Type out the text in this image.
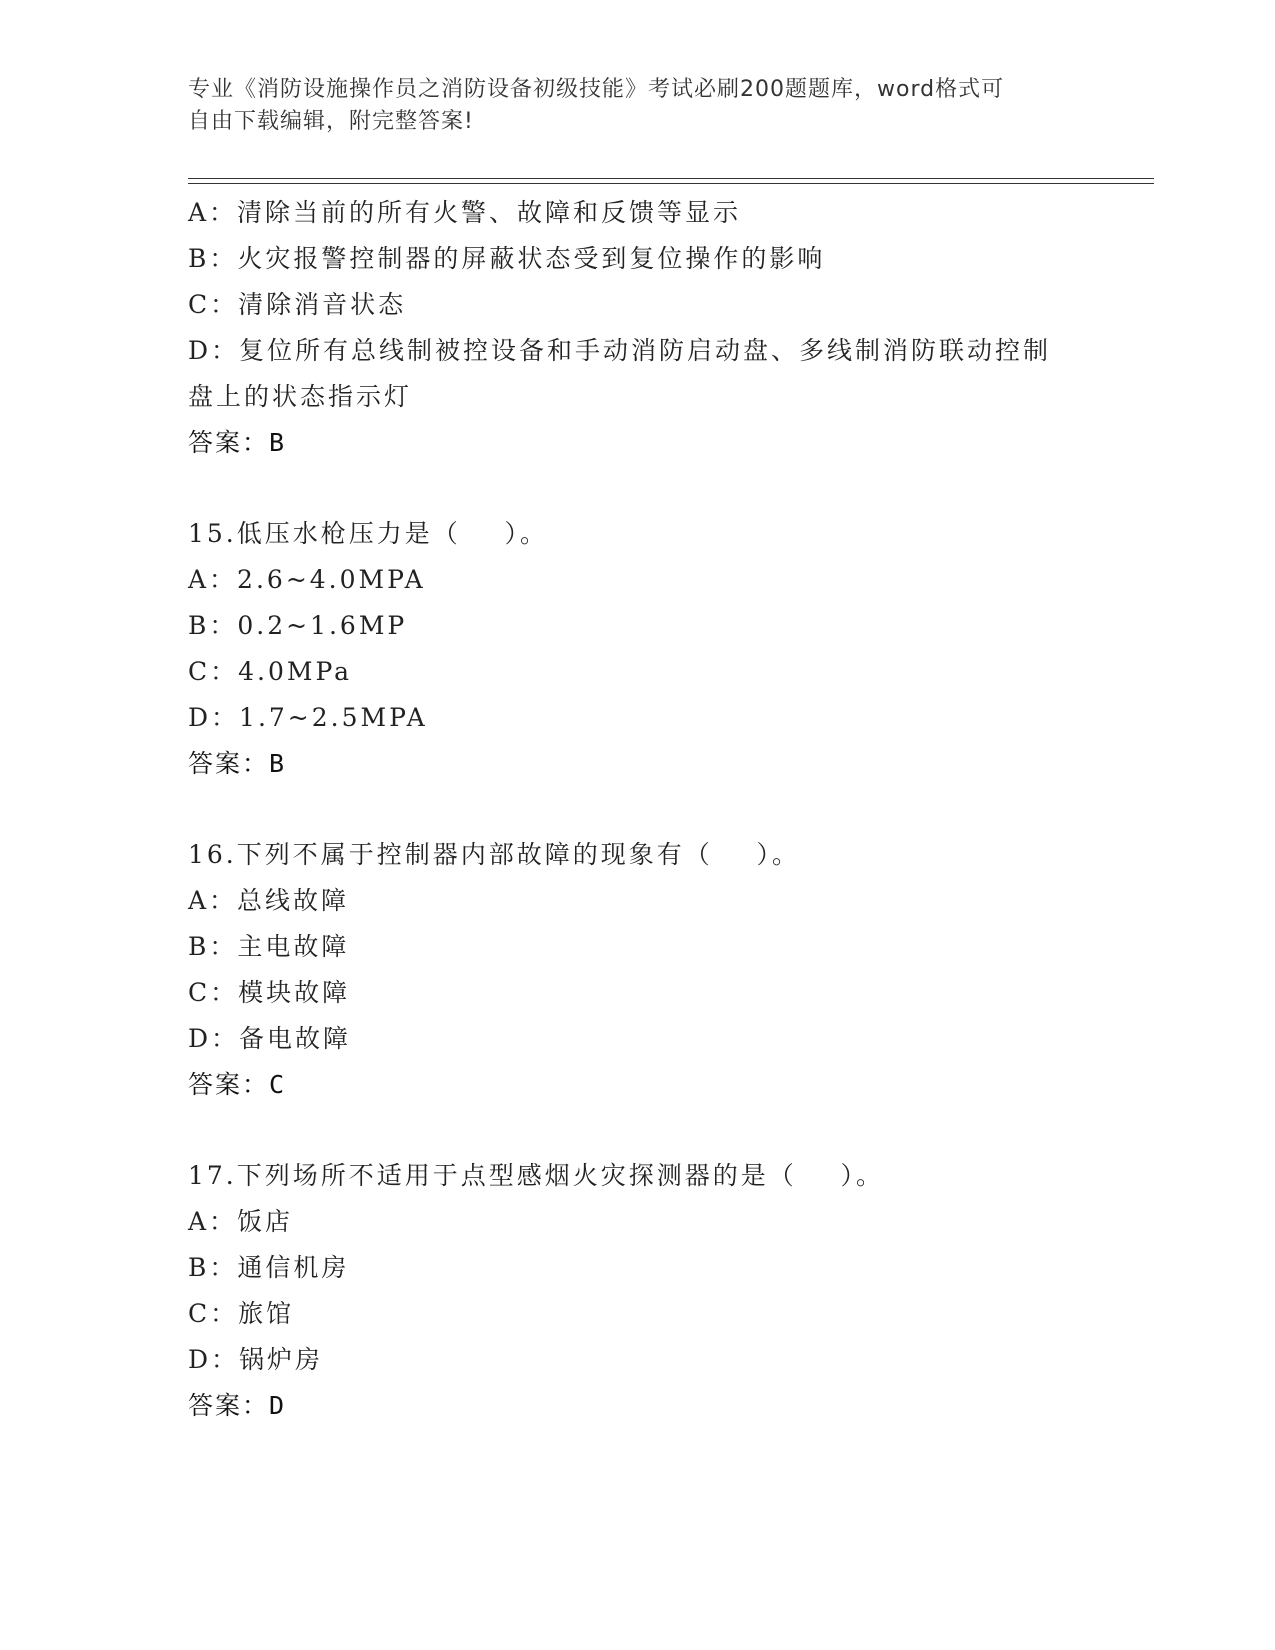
专业《消防设施操作员之消防设备初级技能》考试必刷200题题库，word格式可
自由下载编辑，附完整答案!
A：清除当前的所有火警、故障和反馈等显示
B：火灾报警控制器的屏蔽状态受到复位操作的影响
C：清除消音状态
D：复位所有总线制被控设备和手动消防启动盘、多线制消防联动控制
盘上的状态指示灯
答案：B
15.低压水枪压力是（    ）。
A：2.6~4.0MPA
B：0.2~1.6MP
C：4.0MPa
D：1.7~2.5MPA
答案：B
16.下列不属于控制器内部故障的现象有（    ）。
A：总线故障
B：主电故障
C：模块故障
D：备电故障
答案：C
17.下列场所不适用于点型感烟火灾探测器的是（    ）。
A：饭店
B：通信机房
C：旅馆
D：锅炉房
答案：D
